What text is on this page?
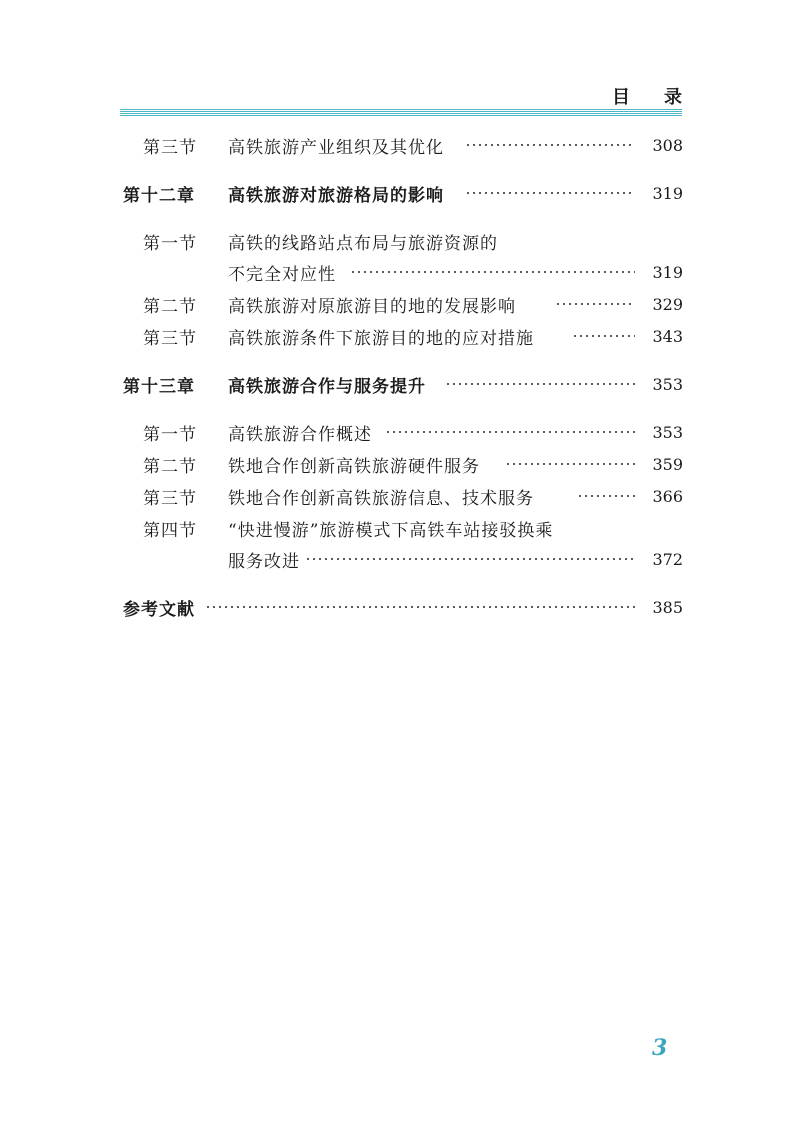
目 录
第三节 高铁旅游产业组织及其优化	308
第十二章 高铁旅游对旅游格局的影响	319
第一节 高铁的线路站点布局与旅游资源的
不完全对应性	319
第二节 高铁旅游对原旅游目的地的发展影响	329
第三节 高铁旅游条件下旅游目的地的应对措施	343
第十三章 高铁旅游合作与服务提升	353
第一节 高铁旅游合作概述	353
第二节 铁地合作创新高铁旅游硬件服务	359
第三节 铁地合作创新高铁旅游信息、技术服务	366
第四节 “快进慢游”旅游模式下高铁车站接驳换乘
服务改进	372
参考文献	385
3
